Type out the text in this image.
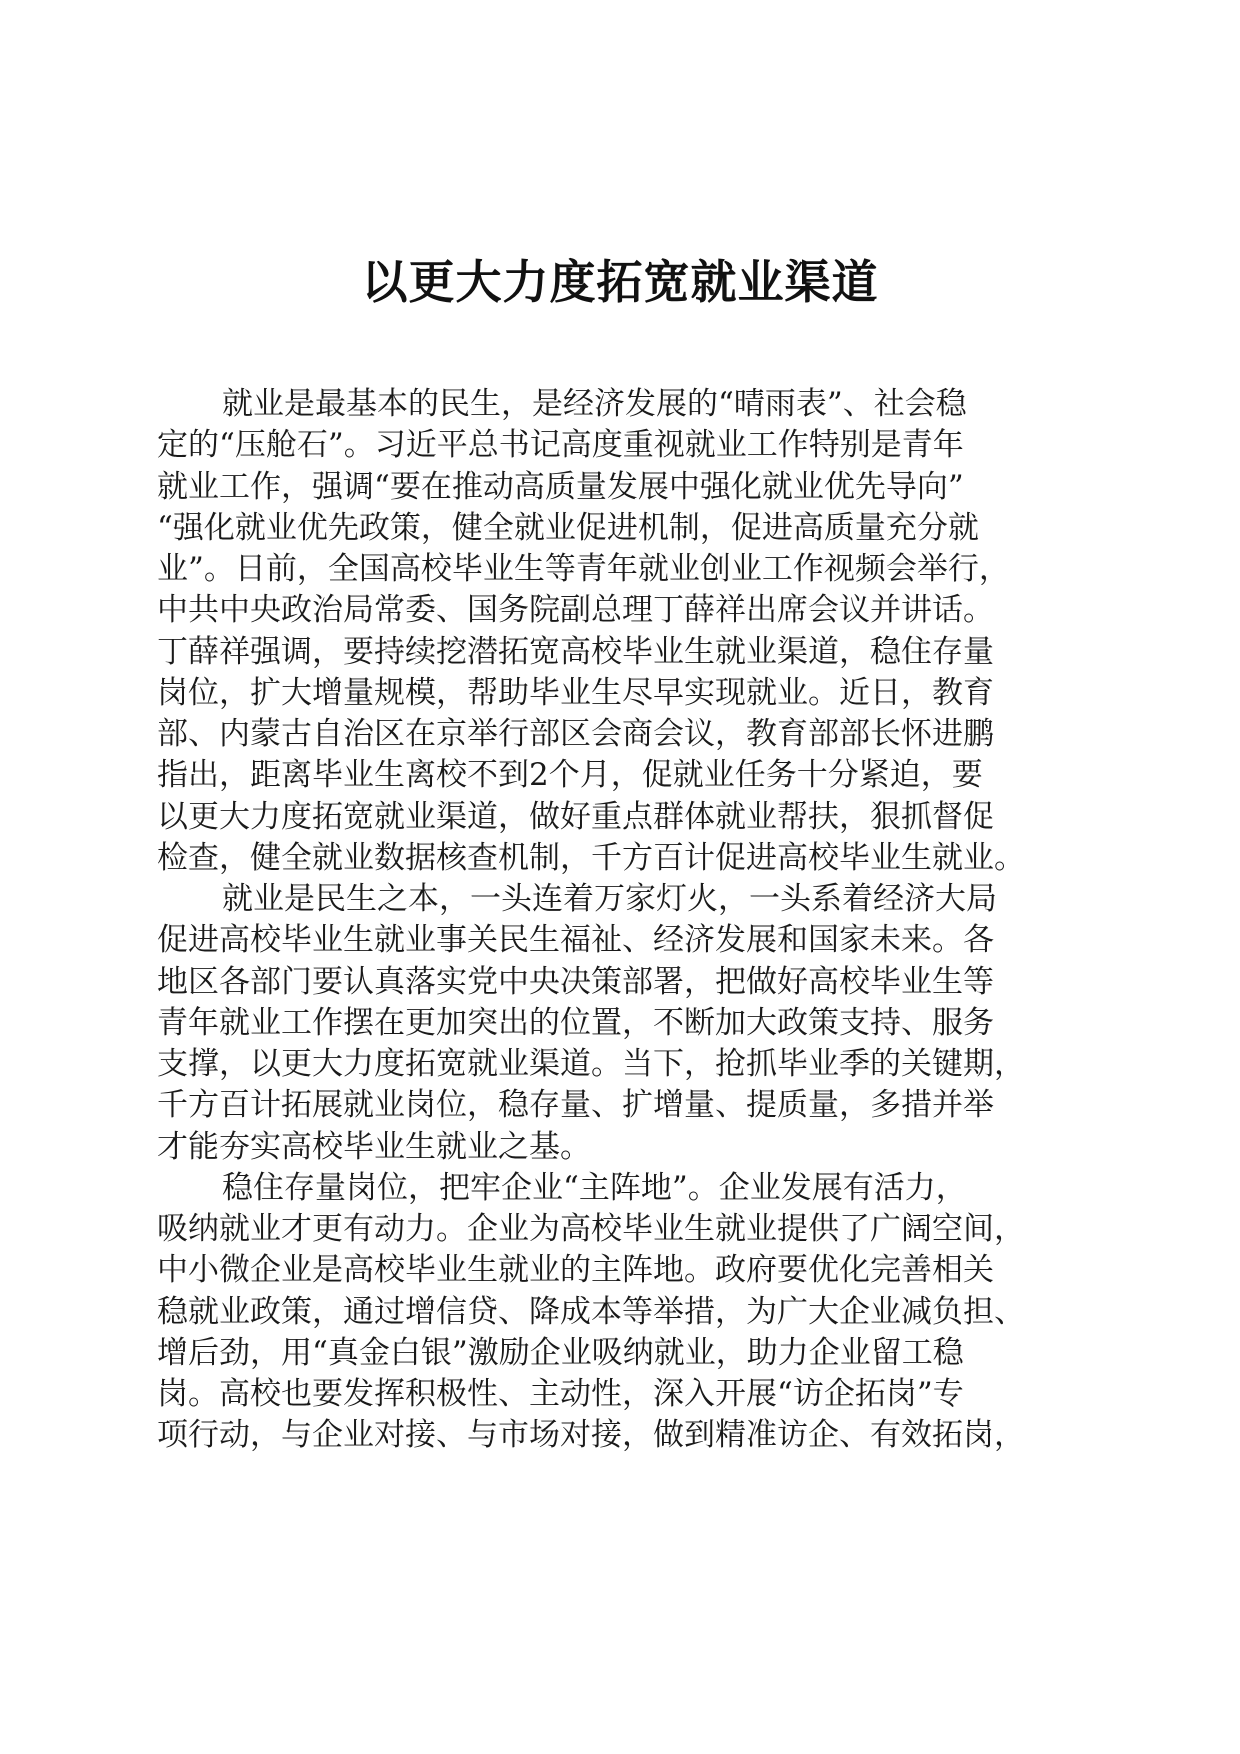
以更大力度拓宽就业渠道
就业是最基本的民生，是经济发展的“晴雨表”、社会稳
定的“压舱石”。习近平总书记高度重视就业工作特别是青年
就业工作，强调“要在推动高质量发展中强化就业优先导向”
“强化就业优先政策，健全就业促进机制，促进高质量充分就
业”。日前，全国高校毕业生等青年就业创业工作视频会举行，
中共中央政治局常委、国务院副总理丁薛祥出席会议并讲话。
丁薛祥强调，要持续挖潜拓宽高校毕业生就业渠道，稳住存量
岗位，扩大增量规模，帮助毕业生尽早实现就业。近日，教育
部、内蒙古自治区在京举行部区会商会议，教育部部长怀进鹏
指出，距离毕业生离校不到2个月，促就业任务十分紧迫，要
以更大力度拓宽就业渠道，做好重点群体就业帮扶，狠抓督促
检查，健全就业数据核查机制，千方百计促进高校毕业生就业。
就业是民生之本，一头连着万家灯火，一头系着经济大局
促进高校毕业生就业事关民生福祉、经济发展和国家未来。各
地区各部门要认真落实党中央决策部署，把做好高校毕业生等
青年就业工作摆在更加突出的位置，不断加大政策支持、服务
支撑，以更大力度拓宽就业渠道。当下，抢抓毕业季的关键期，
千方百计拓展就业岗位，稳存量、扩增量、提质量，多措并举
才能夯实高校毕业生就业之基。
稳住存量岗位，把牢企业“主阵地”。企业发展有活力，
吸纳就业才更有动力。企业为高校毕业生就业提供了广阔空间，
中小微企业是高校毕业生就业的主阵地。政府要优化完善相关
稳就业政策，通过增信贷、降成本等举措，为广大企业减负担、
增后劲，用“真金白银”激励企业吸纳就业，助力企业留工稳
岗。高校也要发挥积极性、主动性，深入开展“访企拓岗”专
项行动，与企业对接、与市场对接，做到精准访企、有效拓岗，
